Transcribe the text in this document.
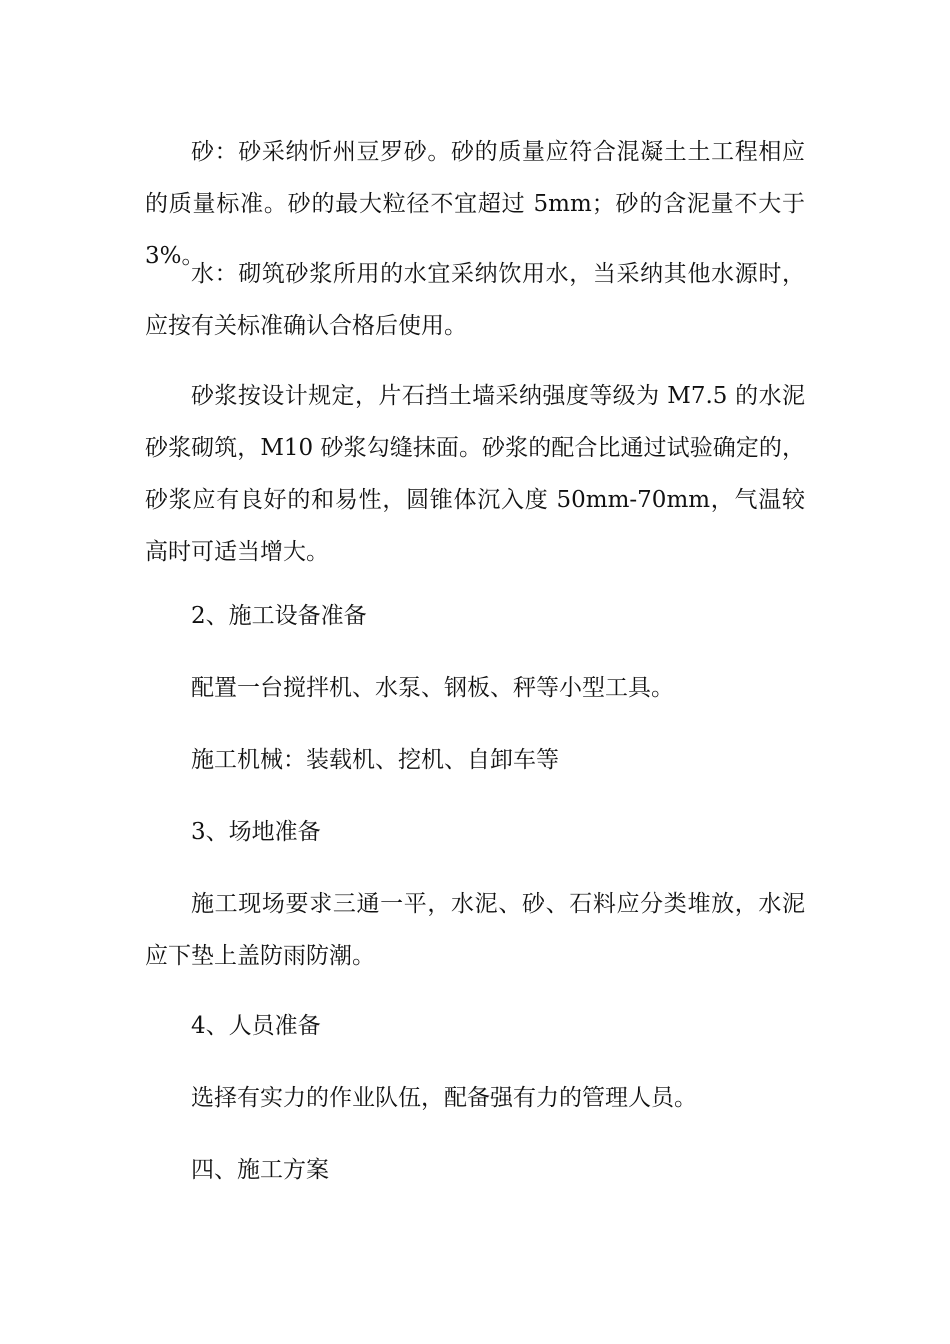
砂：砂采纳忻州豆罗砂。砂的质量应符合混凝土土工程相应的质量标准。砂的最大粒径不宜超过 5mm；砂的含泥量不大于 3%。

水：砌筑砂浆所用的水宜采纳饮用水，当采纳其他水源时，应按有关标准确认合格后使用。

砂浆按设计规定，片石挡土墙采纳强度等级为 M7.5 的水泥砂浆砌筑，M10 砂浆勾缝抹面。砂浆的配合比通过试验确定的，砂浆应有良好的和易性，圆锥体沉入度 50mm-70mm，气温较高时可适当增大。

2、施工设备准备

配置一台搅拌机、水泵、钢板、秤等小型工具。

施工机械：装载机、挖机、自卸车等

3、场地准备

施工现场要求三通一平，水泥、砂、石料应分类堆放，水泥应下垫上盖防雨防潮。

4、人员准备

选择有实力的作业队伍，配备强有力的管理人员。

四、施工方案
